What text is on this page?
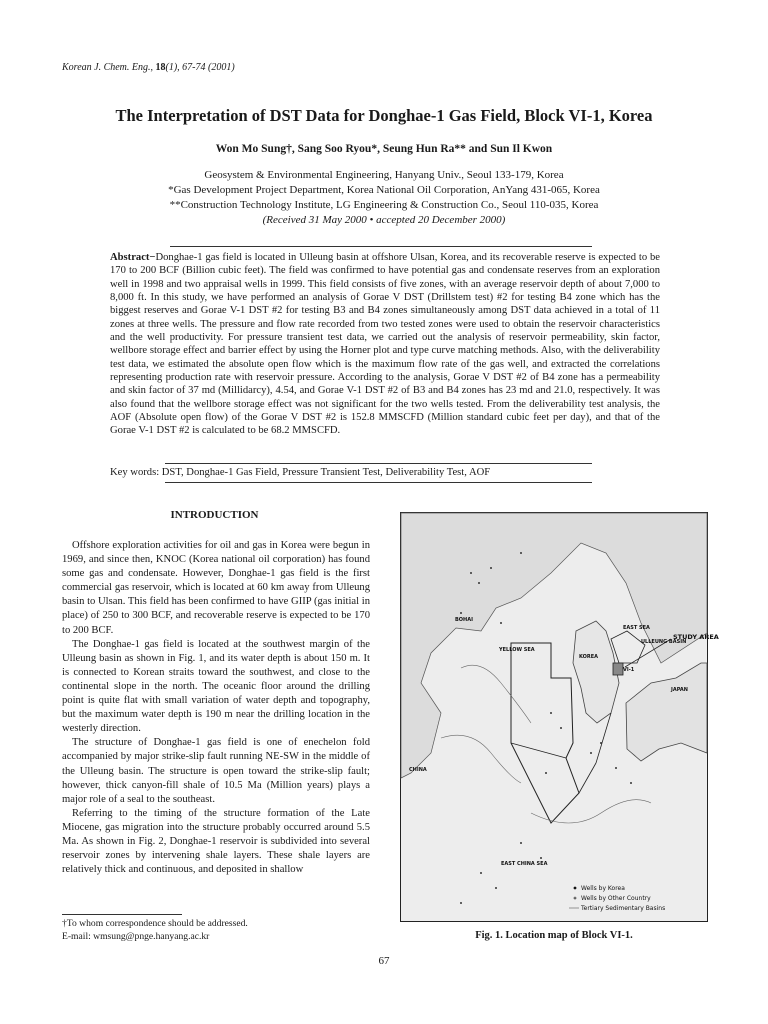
Korean J. Chem. Eng., 18(1), 67-74 (2001)
The Interpretation of DST Data for Donghae-1 Gas Field, Block VI-1, Korea
Won Mo Sung†, Sang Soo Ryou*, Seung Hun Ra** and Sun Il Kwon
Geosystem & Environmental Engineering, Hanyang Univ., Seoul 133-179, Korea
*Gas Development Project Department, Korea National Oil Corporation, AnYang 431-065, Korea
**Construction Technology Institute, LG Engineering & Construction Co., Seoul 110-035, Korea
(Received 31 May 2000 • accepted 20 December 2000)
Abstract−Donghae-1 gas field is located in Ulleung basin at offshore Ulsan, Korea, and its recoverable reserve is expected to be 170 to 200 BCF (Billion cubic feet). The field was confirmed to have potential gas and condensate reserves from an exploration well in 1998 and two appraisal wells in 1999. This field consists of five zones, with an average reservoir depth of about 7,000 to 8,000 ft. In this study, we have performed an analysis of Gorae V DST (Drillstem test) #2 for testing B4 zone which has the biggest reserves and Gorae V-1 DST #2 for testing B3 and B4 zones simultaneously among DST data achieved in a total of 11 zones at three wells. The pressure and flow rate recorded from two tested zones were used to obtain the reservoir characteristics and the well productivity. For pressure transient test data, we carried out the analysis of reservoir permeability, skin factor, wellbore storage effect and barrier effect by using the Horner plot and type curve matching methods. Also, with the deliverability test data, we estimated the absolute open flow which is the maximum flow rate of the gas well, and extracted the correlations representing production rate with reservoir pressure. According to the analysis, Gorae V DST #2 of B4 zone has a permeability and skin factor of 37 md (Millidarcy), 4.54, and Gorae V-1 DST #2 of B3 and B4 zones has 23 md and 21.0, respectively. It was also found that the wellbore storage effect was not significant for the two wells tested. From the deliverability test analysis, the AOF (Absolute open flow) of the Gorae V DST #2 is 152.8 MMSCFD (Million standard cubic feet per day), and that of the Gorae V-1 DST #2 is calculated to be 68.2 MMSCFD.
Key words: DST, Donghae-1 Gas Field, Pressure Transient Test, Deliverability Test, AOF
INTRODUCTION

Offshore exploration activities for oil and gas in Korea were begun in 1969, and since then, KNOC (Korea national oil corporation) has found some gas and condensate. However, Donghae-1 gas field is the first commercial gas reservoir, which is located at 60 km away from Ulleung basin to Ulsan. This field has been confirmed to have GIIP (gas initial in place) of 250 to 300 BCF, and recoverable reserve is expected to be 170 to 200 BCF.

The Donghae-1 gas field is located at the southwest margin of the Ulleung basin as shown in Fig. 1, and its water depth is about 150 m. It is connected to Korean straits toward the southwest, and close to the continental slope in the north. The oceanic floor around the drilling point is quite flat with small variation of water depth and topography, but the maximum water depth is 190 m near the drilling location in the westerly direction.

The structure of Donghae-1 gas field is one of enechelon fold accompanied by major strike-slip fault running NE-SW in the middle of the Ulleung basin. The structure is open toward the strike-slip fault; however, thick canyon-fill shale of 10.5 Ma (Million years) plays a major role of a seal to the southeast.

Referring to the timing of the structure formation of the Late Miocene, gas migration into the structure probably occurred around 5.5 Ma. As shown in Fig. 2, Donghae-1 reservoir is subdivided into several reservoir zones by intervening shale layers. These shale layers are relatively thick and continuous, and deposited in shallow

†To whom correspondence should be addressed.
E-mail: wmsung@pnge.hanyang.ac.kr
EAST SEA
ULLEUNG BASIN
STUDY AREA
BOHAI
YELLOW SEA
KOREA
JAPAN
CHINA
EAST CHINA SEA
VI-1
Wells by Korea
Wells by Other Country
Tertiary Sedimentary Basins
Fig. 1. Location map of Block VI-1.
67
